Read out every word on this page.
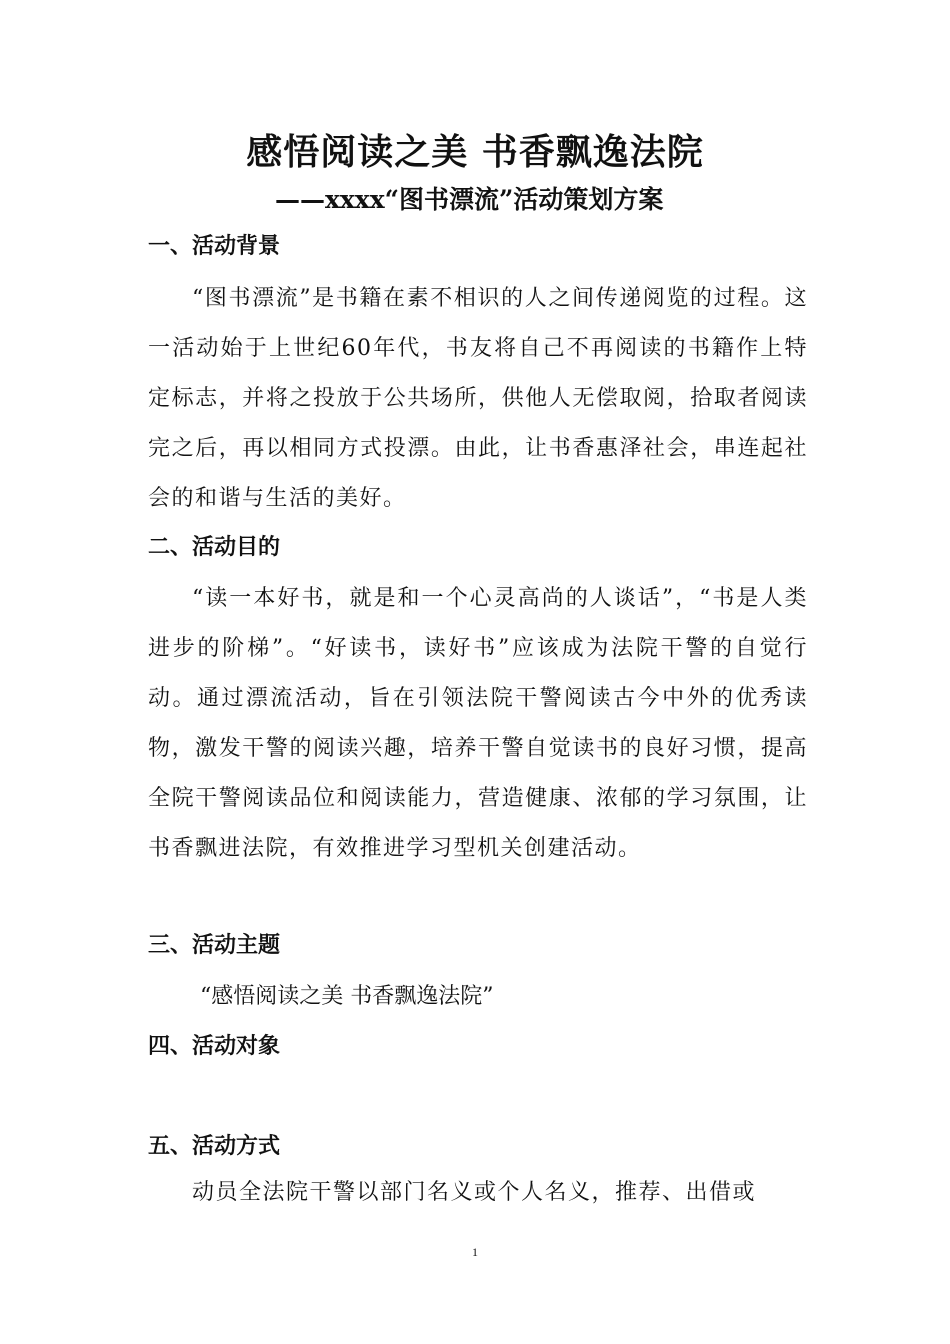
感悟阅读之美 书香飘逸法院
——xxxx“图书漂流”活动策划方案
一、活动背景

“图书漂流”是书籍在素不相识的人之间传递阅览的过程。这一活动始于上世纪60年代，书友将自己不再阅读的书籍作上特定标志，并将之投放于公共场所，供他人无偿取阅，拾取者阅读完之后，再以相同方式投漂。由此，让书香惠泽社会，串连起社会的和谐与生活的美好。

二、活动目的

“读一本好书，就是和一个心灵高尚的人谈话”，“书是人类进步的阶梯”。“好读书，读好书”应该成为法院干警的自觉行动。通过漂流活动，旨在引领法院干警阅读古今中外的优秀读物，激发干警的阅读兴趣，培养干警自觉读书的良好习惯，提高全院干警阅读品位和阅读能力，营造健康、浓郁的学习氛围，让书香飘进法院，有效推进学习型机关创建活动。

三、活动主题

“感悟阅读之美 书香飘逸法院”

四、活动对象
五、活动方式

动员全法院干警以部门名义或个人名义，推荐、出借或

1
